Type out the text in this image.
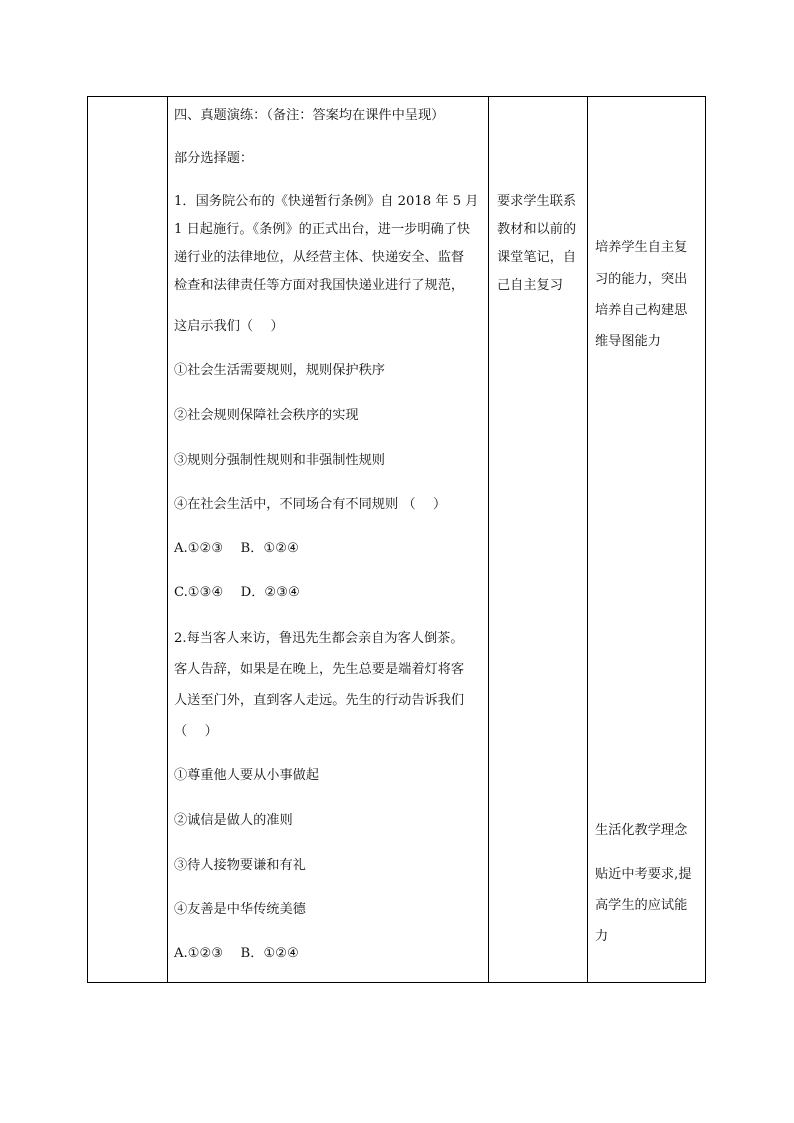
四、真题演练：（备注：答案均在课件中呈现）
部分选择题：
1．国务院公布的《快递暂行条例》自 2018 年 5 月
1 日起施行。《条例》的正式出台，进一步明确了快
递行业的法律地位，从经营主体、快递安全、监督
检查和法律责任等方面对我国快递业进行了规范，
这启示我们（　 ）
①社会生活需要规则，规则保护秩序
②社会规则保障社会秩序的实现
③规则分强制性规则和非强制性规则
④在社会生活中，不同场合有不同规则 （　 ）
A.①②③　 B．①②④
C.①③④　 D．②③④
2.每当客人来访，鲁迅先生都会亲自为客人倒茶。
客人告辞，如果是在晚上，先生总要是端着灯将客
人送至门外，直到客人走远。先生的行动告诉我们
（　 ）
①尊重他人要从小事做起
②诚信是做人的准则
③待人接物要谦和有礼
④友善是中华传统美德
A.①②③　 B．①②④
要求学生联系
教材和以前的
课堂笔记，自
己自主复习
培养学生自主复
习的能力，突出
培养自己构建思
维导图能力
生活化教学理念
贴近中考要求,提
高学生的应试能
力
